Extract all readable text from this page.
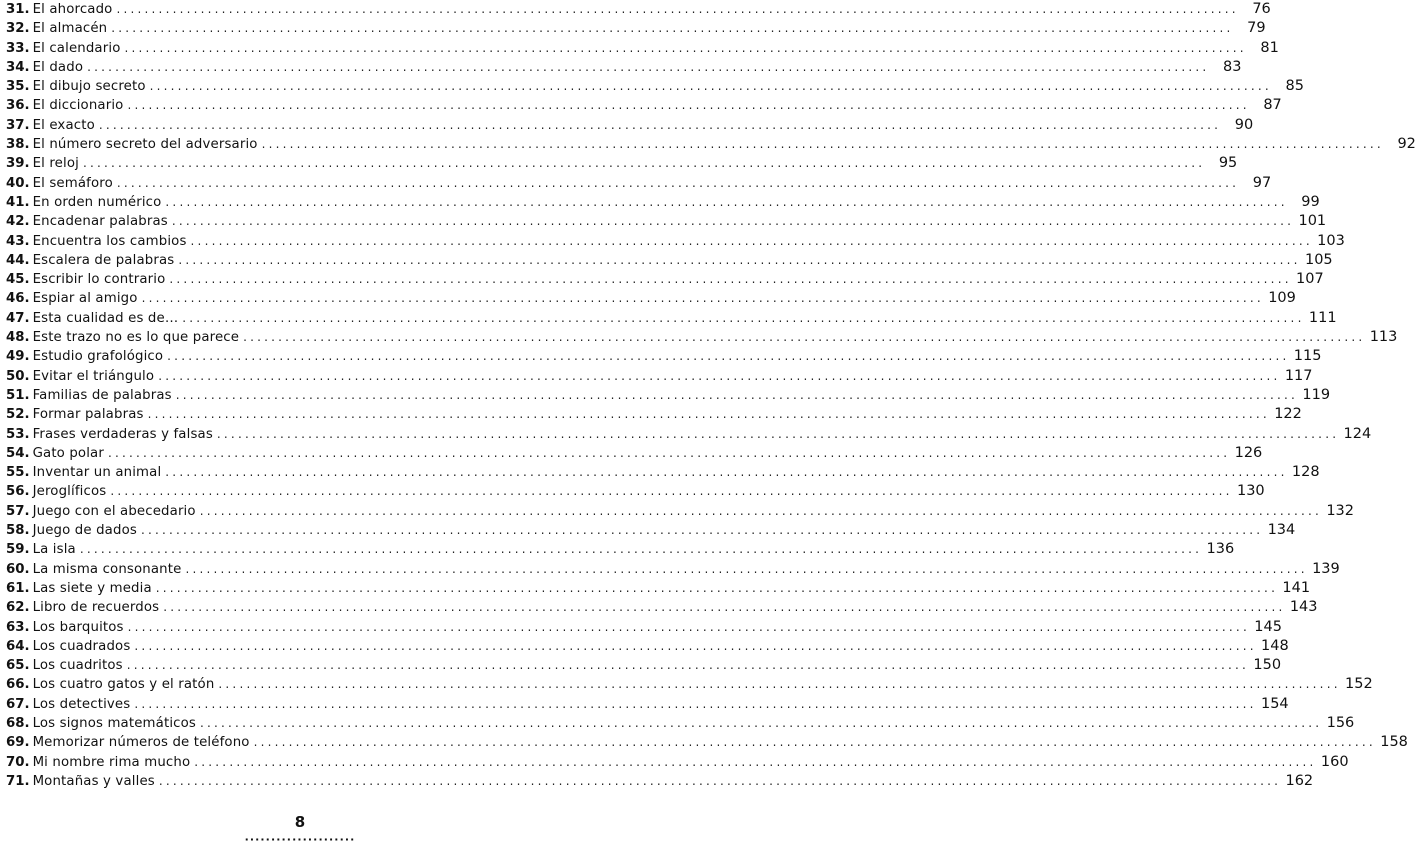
31. El ahorcado ................................................................................................................................................................ 76
32. El almacén ................................................................................................................................................................ 79
33. El calendario ................................................................................................................................................................ 81
34. El dado ................................................................................................................................................................ 83
35. El dibujo secreto ................................................................................................................................................................ 85
36. El diccionario ................................................................................................................................................................ 87
37. El exacto ................................................................................................................................................................ 90
38. El número secreto del adversario ................................................................................................................................................................ 92
39. El reloj ................................................................................................................................................................ 95
40. El semáforo ................................................................................................................................................................ 97
41. En orden numérico ................................................................................................................................................................ 99
42. Encadenar palabras ................................................................................................................................................................ 101
43. Encuentra los cambios ................................................................................................................................................................ 103
44. Escalera de palabras ................................................................................................................................................................ 105
45. Escribir lo contrario ................................................................................................................................................................ 107
46. Espiar al amigo ................................................................................................................................................................ 109
47. Esta cualidad es de… ................................................................................................................................................................ 111
48. Este trazo no es lo que parece ................................................................................................................................................................ 113
49. Estudio grafológico ................................................................................................................................................................ 115
50. Evitar el triángulo ................................................................................................................................................................ 117
51. Familias de palabras ................................................................................................................................................................ 119
52. Formar palabras ................................................................................................................................................................ 122
53. Frases verdaderas y falsas ................................................................................................................................................................ 124
54. Gato polar ................................................................................................................................................................ 126
55. Inventar un animal ................................................................................................................................................................ 128
56. Jeroglíficos ................................................................................................................................................................ 130
57. Juego con el abecedario ................................................................................................................................................................ 132
58. Juego de dados ................................................................................................................................................................ 134
59. La isla ................................................................................................................................................................ 136
60. La misma consonante ................................................................................................................................................................ 139
61. Las siete y media ................................................................................................................................................................ 141
62. Libro de recuerdos ................................................................................................................................................................ 143
63. Los barquitos ................................................................................................................................................................ 145
64. Los cuadrados ................................................................................................................................................................ 148
65. Los cuadritos ................................................................................................................................................................ 150
66. Los cuatro gatos y el ratón ................................................................................................................................................................ 152
67. Los detectives ................................................................................................................................................................ 154
68. Los signos matemáticos ................................................................................................................................................................ 156
69. Memorizar números de teléfono ................................................................................................................................................................ 158
70. Mi nombre rima mucho ................................................................................................................................................................ 160
71. Montañas y valles ................................................................................................................................................................ 162
8
·····················
